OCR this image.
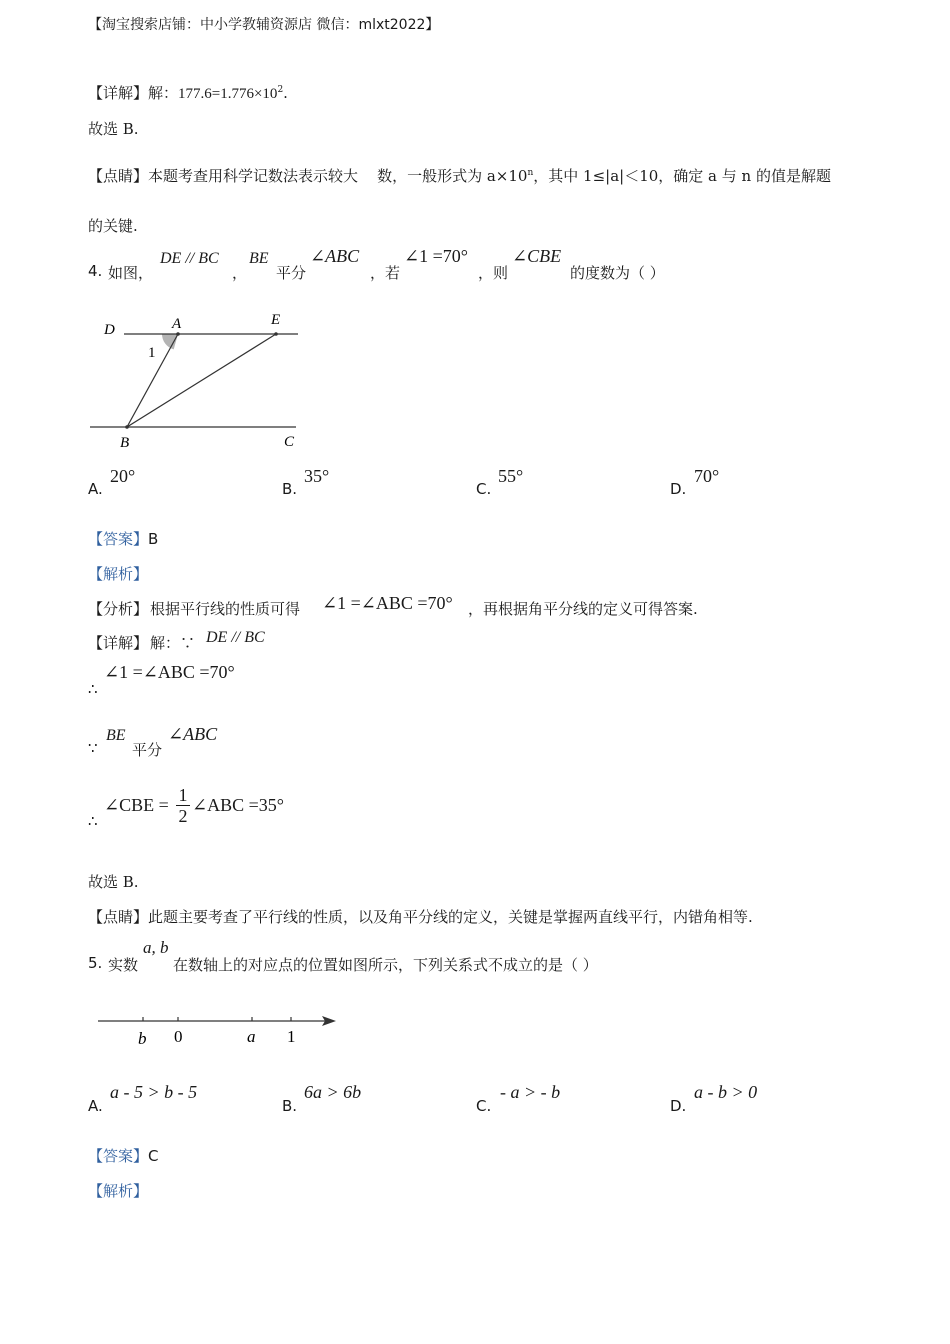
【淘宝搜索店铺：中小学教辅资源店 微信：mlxt2022】
【详解】解：$177.6=1.776\times 10^2$.
故选 B.
【点睛】本题考查用科学记数法表示较大    数，一般形式为 $a\times 10^n$，其中 1≤|a|＜10，确定 a 与 n 的值是解题
的关键.
4. 如图，
DE // BC
，
BE
平分
∠ABC
，若
∠1 =70°
，则
∠CBE
的度数为（ ）
D	A	E
1
B	C
A.
20°
B.
35°
C.
55°
D.
70°
【答案】B
【解析】
【分析】 根据平行线的性质可得 ∠1 =∠ABC =70° ，再根据角平分线的定义可得答案.
【详解】 解：∵ DE // BC
∴
∠1 =∠ABC =70°
∵
BE
平分
∠ABC
∴
∠CBE = $\frac{1}{2}$ ∠ABC =35°
故选 B.
【点睛】此题主要考查了平行线的性质，以及角平分线的定义，关键是掌握两直线平行，内错角相等.
5. 实数
a, b
在数轴上的对应点的位置如图所示，下列关系式不成立的是（ ）
b 0	a 1
A.
a - 5 > b - 5
B.
6a > 6b
C.
- a > - b
D.
a - b > 0
【答案】C
【解析】
